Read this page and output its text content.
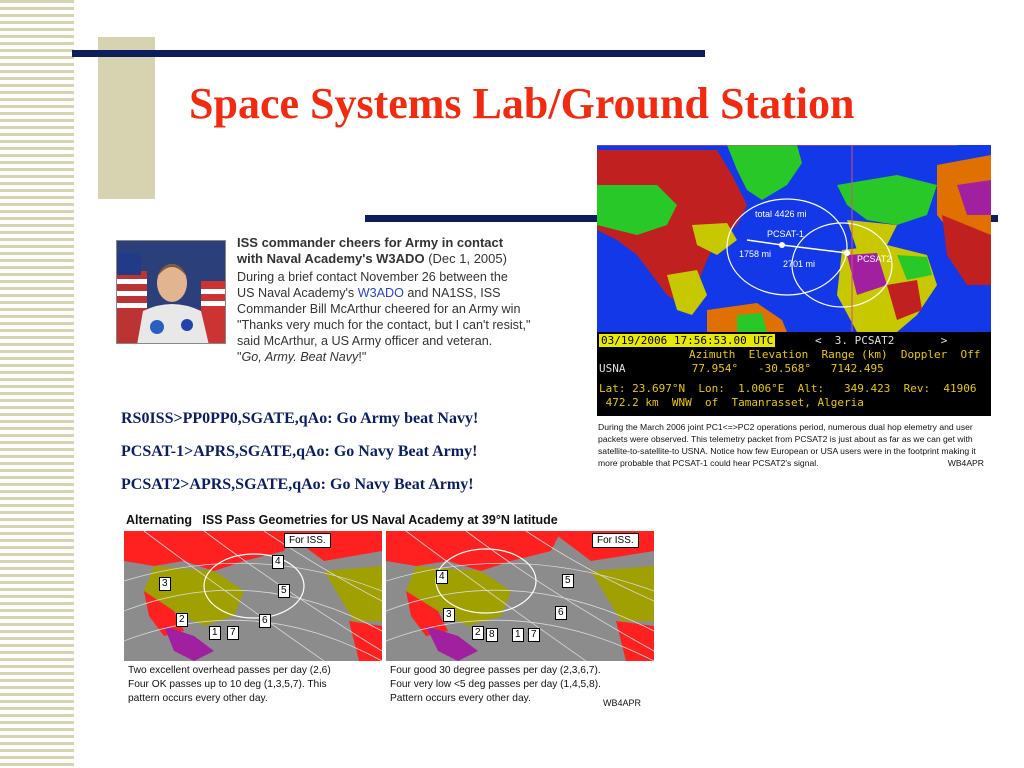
Space Systems Lab/Ground Station
ISS commander cheers for Army in contact
with Naval Academy's W3ADO (Dec 1, 2005)
During a brief contact November 26 between the
US Naval Academy's W3ADO and NA1SS, ISS
Commander Bill McArthur cheered for an Army win
"Thanks very much for the contact, but I can't resist,"
said McArthur, a US Army officer and veteran.
"Go, Army. Beat Navy!"
RS0ISS>PP0PP0,SGATE,qAo: Go Army beat Navy!
PCSAT-1>APRS,SGATE,qAo: Go Navy Beat Army!
PCSAT2>APRS,SGATE,qAo: Go Navy Beat Army!
total 4426 mi
PCSAT-1
1758 mi
2701 mi	PCSAT2
03/19/2006 17:56:53.00 UTC	<  3. PCSAT2       >
Azimuth  Elevation  Range (km)  Doppler  Off
USNA	77.954°   -30.568°   7142.495
Lat: 23.697°N  Lon:  1.006°E  Alt:   349.423  Rev:  41906
472.2 km  WNW  of  Tamanrasset, Algeria
During the March 2006 joint PC1<=>PC2 operations period, numerous dual hop elemetry and user packets were observed. This telemetry packet from PCSAT2 is just about as far as we can get with satellite-to-satellite-to USNA. Notice how few European or USA users were in the footprint making it more probable that PCSAT-1 could hear PCSAT2's signal.	WB4APR
Alternating   ISS Pass Geometries for US Naval Academy at 39°N latitude
For ISS.
4
3
5
2	6
1	7
For ISS.
4	5
3	6
2 8	1	7
Two excellent overhead passes per day (2,6)
Four OK passes up to 10 deg (1,3,5,7). This
pattern occurs every other day.
Four good 30 degree passes per day (2,3,6,7).
Four very low <5 deg passes per day (1,4,5,8).
Pattern occurs every other day.	WB4APR
